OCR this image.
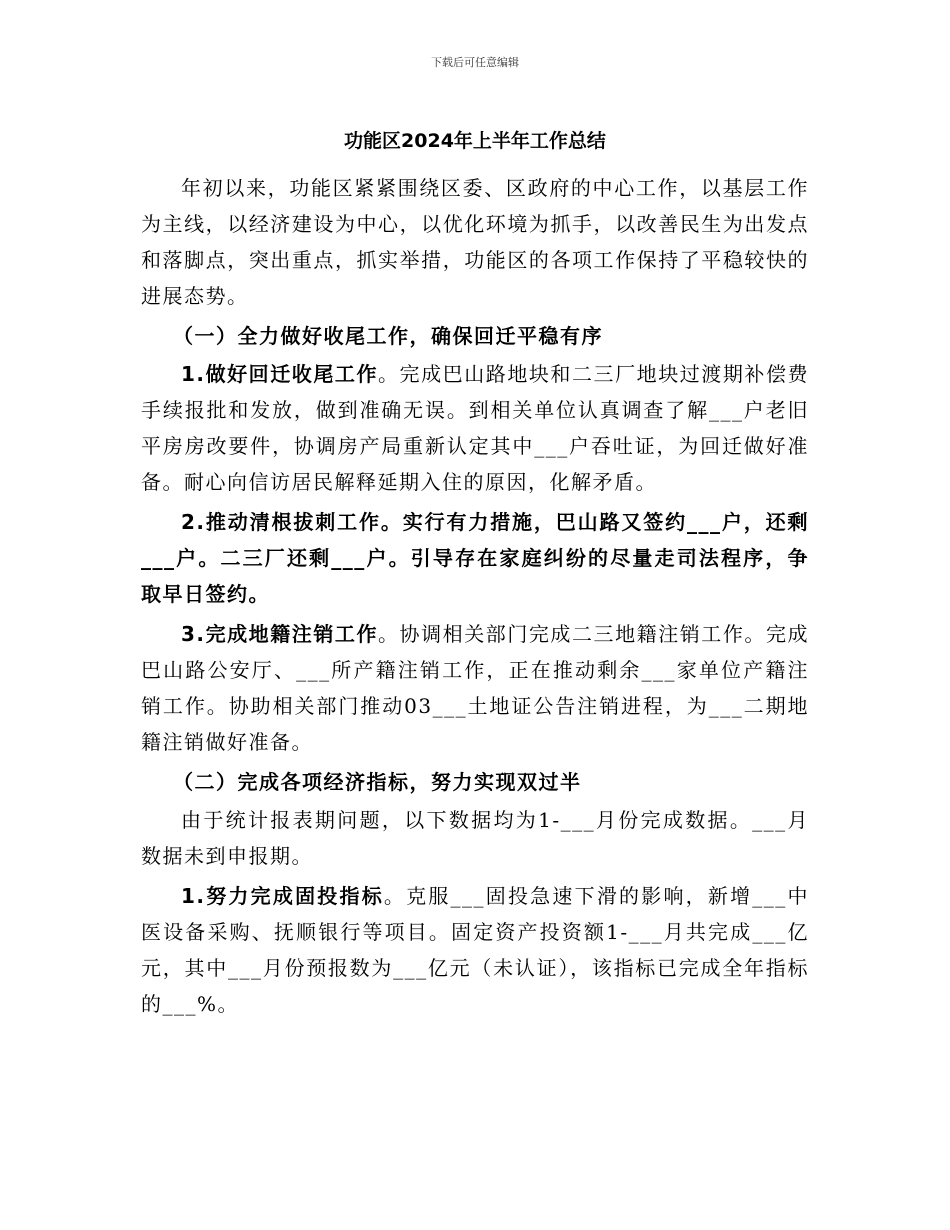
下载后可任意编辑
功能区2024年上半年工作总结

年初以来，功能区紧紧围绕区委、区政府的中心工作，以基层工作为主线，以经济建设为中心，以优化环境为抓手，以改善民生为出发点和落脚点，突出重点，抓实举措，功能区的各项工作保持了平稳较快的进展态势。

（一）全力做好收尾工作，确保回迁平稳有序

1.做好回迁收尾工作。完成巴山路地块和二三厂地块过渡期补偿费手续报批和发放，做到准确无误。到相关单位认真调查了解___户老旧平房房改要件，协调房产局重新认定其中___户吞吐证，为回迁做好准备。耐心向信访居民解释延期入住的原因，化解矛盾。

2.推动清根拔刺工作。实行有力措施，巴山路又签约___户，还剩___户。二三厂还剩___户。引导存在家庭纠纷的尽量走司法程序，争取早日签约。

3.完成地籍注销工作。协调相关部门完成二三地籍注销工作。完成巴山路公安厅、___所产籍注销工作，正在推动剩余___家单位产籍注销工作。协助相关部门推动03___土地证公告注销进程，为___二期地籍注销做好准备。

（二）完成各项经济指标，努力实现双过半

由于统计报表期问题，以下数据均为1-___月份完成数据。___月数据未到申报期。

1.努力完成固投指标。克服___固投急速下滑的影响，新增___中医设备采购、抚顺银行等项目。固定资产投资额1-___月共完成___亿元，其中___月份预报数为___亿元（未认证），该指标已完成全年指标的___%。
